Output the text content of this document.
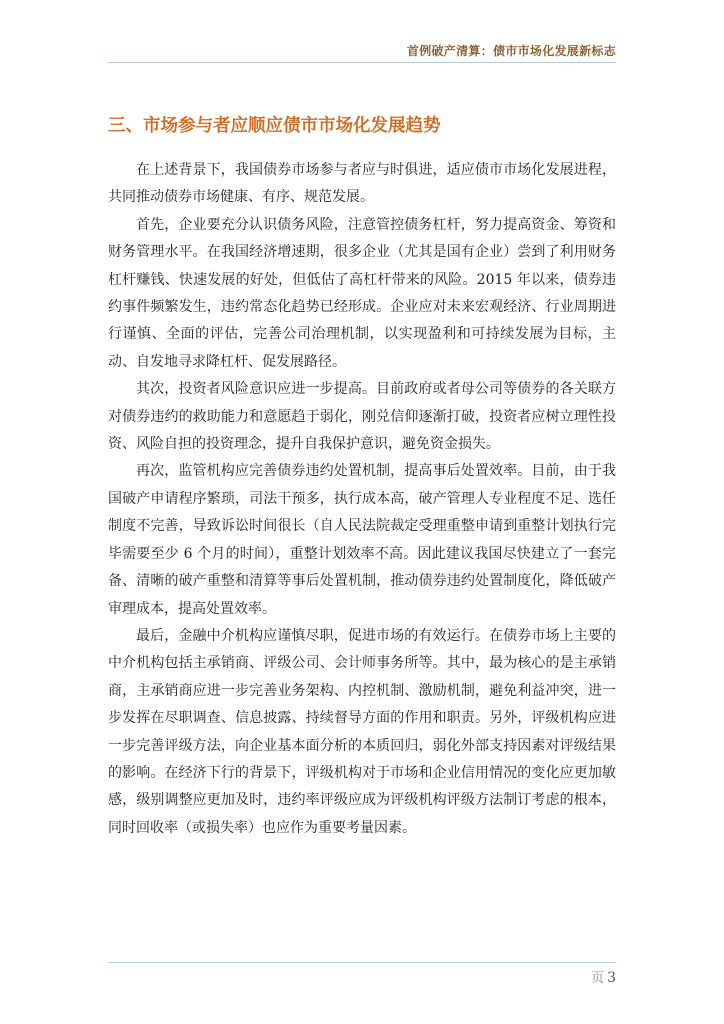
首例破产清算：债市市场化发展新标志
三、市场参与者应顺应债市市场化发展趋势

在上述背景下，我国债券市场参与者应与时俱进，适应债市市场化发展进程，共同推动债券市场健康、有序、规范发展。

首先，企业要充分认识债务风险，注意管控债务杠杆，努力提高资金、筹资和财务管理水平。在我国经济增速期，很多企业（尤其是国有企业）尝到了利用财务杠杆赚钱、快速发展的好处，但低估了高杠杆带来的风险。2015 年以来，债券违约事件频繁发生，违约常态化趋势已经形成。企业应对未来宏观经济、行业周期进行谨慎、全面的评估，完善公司治理机制，以实现盈利和可持续发展为目标，主动、自发地寻求降杠杆、促发展路径。

其次，投资者风险意识应进一步提高。目前政府或者母公司等债券的各关联方对债券违约的救助能力和意愿趋于弱化，刚兑信仰逐渐打破，投资者应树立理性投资、风险自担的投资理念，提升自我保护意识，避免资金损失。

再次，监管机构应完善债券违约处置机制，提高事后处置效率。目前，由于我国破产申请程序繁琐，司法干预多，执行成本高，破产管理人专业程度不足、选任制度不完善，导致诉讼时间很长（自人民法院裁定受理重整申请到重整计划执行完毕需要至少 6 个月的时间），重整计划效率不高。因此建议我国尽快建立了一套完备、清晰的破产重整和清算等事后处置机制，推动债券违约处置制度化，降低破产审理成本，提高处置效率。

最后，金融中介机构应谨慎尽职，促进市场的有效运行。在债券市场上主要的中介机构包括主承销商、评级公司、会计师事务所等。其中，最为核心的是主承销商，主承销商应进一步完善业务架构、内控机制、激励机制，避免利益冲突，进一步发挥在尽职调查、信息披露、持续督导方面的作用和职责。另外，评级机构应进一步完善评级方法，向企业基本面分析的本质回归，弱化外部支持因素对评级结果的影响。在经济下行的背景下，评级机构对于市场和企业信用情况的变化应更加敏感，级别调整应更加及时，违约率评级应成为评级机构评级方法制订考虑的根本，同时回收率（或损失率）也应作为重要考量因素。

页 3
